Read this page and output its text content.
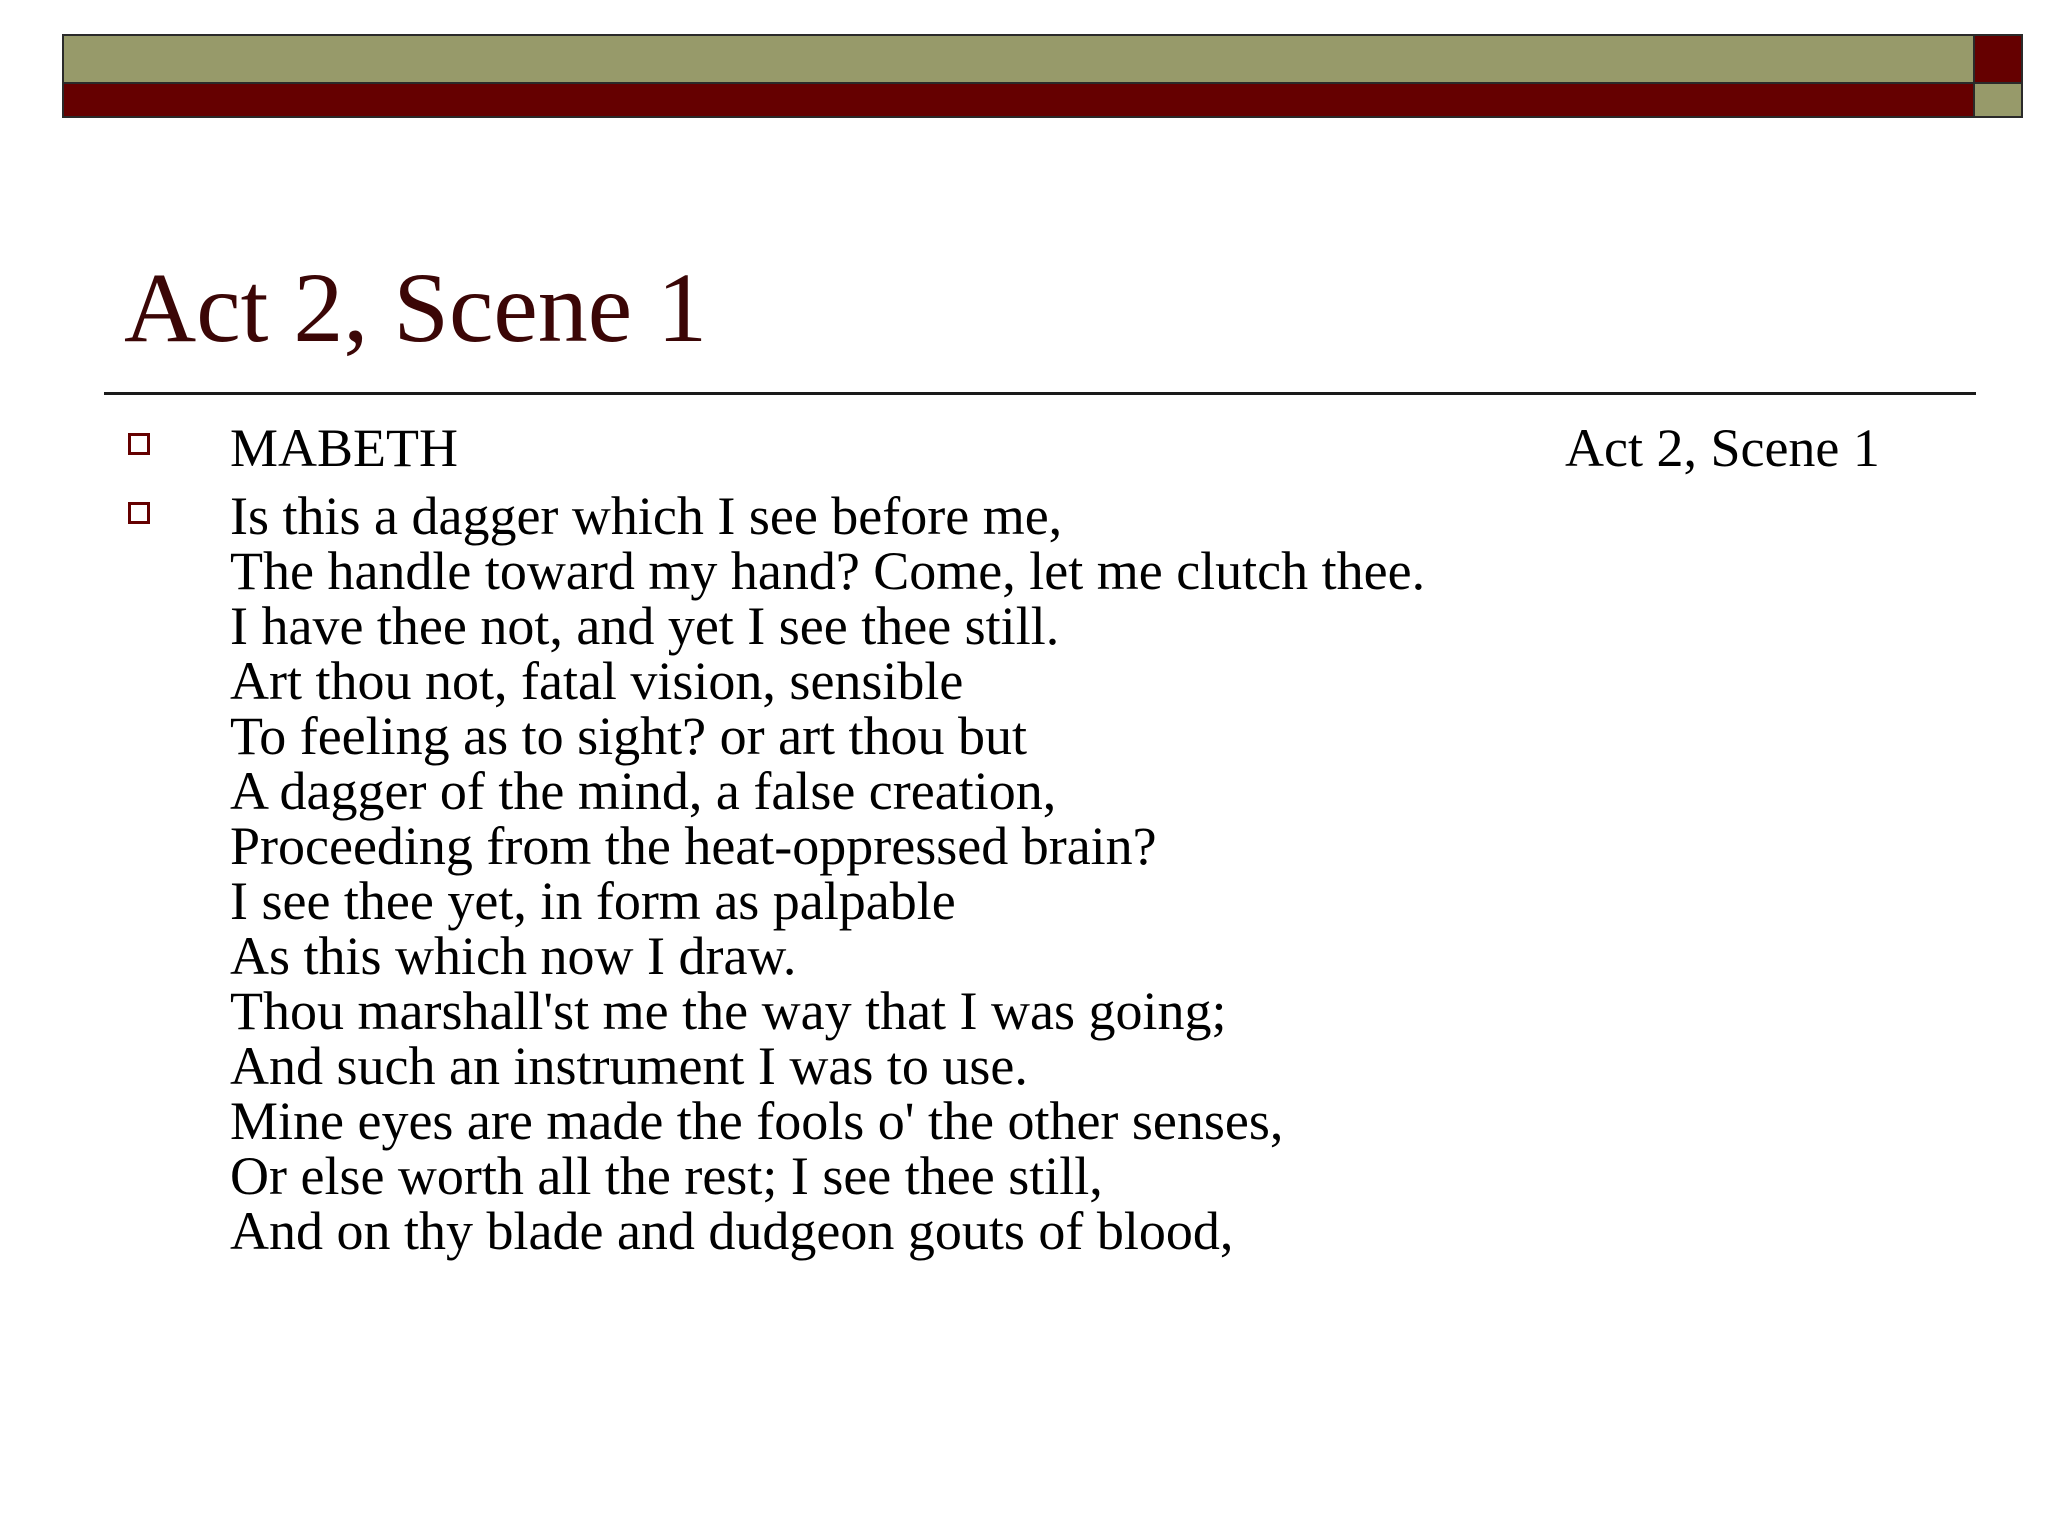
Act 2, Scene 1
MABETH	Act 2, Scene 1
Is this a dagger which I see before me,
The handle toward my hand? Come, let me clutch thee.
I have thee not, and yet I see thee still.
Art thou not, fatal vision, sensible
To feeling as to sight? or art thou but
A dagger of the mind, a false creation,
Proceeding from the heat-oppressed brain?
I see thee yet, in form as palpable
As this which now I draw.
Thou marshall'st me the way that I was going;
And such an instrument I was to use.
Mine eyes are made the fools o' the other senses,
Or else worth all the rest; I see thee still,
And on thy blade and dudgeon gouts of blood,
